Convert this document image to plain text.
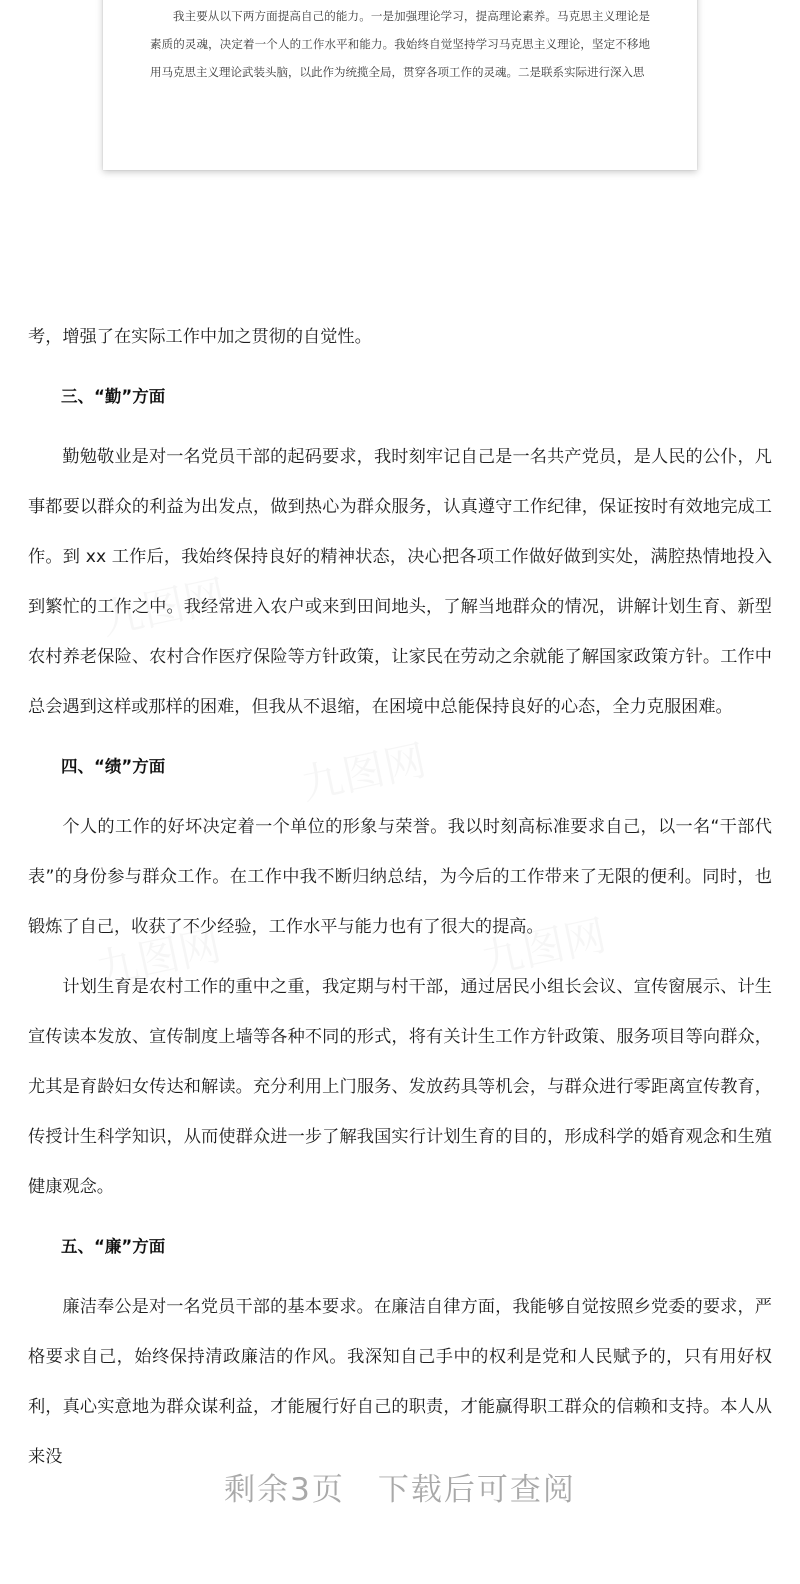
我主要从以下两方面提高自己的能力。一是加强理论学习，提高理论素养。马克思主义理论是素质的灵魂，决定着一个人的工作水平和能力。我始终自觉坚持学习马克思主义理论，坚定不移地用马克思主义理论武装头脑，以此作为统揽全局，贯穿各项工作的灵魂。二是联系实际进行深入思

考，增强了在实际工作中加之贯彻的自觉性。

三、“勤”方面

勤勉敬业是对一名党员干部的起码要求，我时刻牢记自己是一名共产党员，是人民的公仆，凡事都要以群众的利益为出发点，做到热心为群众服务，认真遵守工作纪律，保证按时有效地完成工作。到 xx 工作后，我始终保持良好的精神状态，决心把各项工作做好做到实处，满腔热情地投入到繁忙的工作之中。我经常进入农户或来到田间地头，了解当地群众的情况，讲解计划生育、新型农村养老保险、农村合作医疗保险等方针政策，让家民在劳动之余就能了解国家政策方针。工作中总会遇到这样或那样的困难，但我从不退缩，在困境中总能保持良好的心态，全力克服困难。

四、“绩”方面

个人的工作的好坏决定着一个单位的形象与荣誉。我以时刻高标准要求自己，以一名“干部代表”的身份参与群众工作。在工作中我不断归纳总结，为今后的工作带来了无限的便利。同时，也锻炼了自己，收获了不少经验，工作水平与能力也有了很大的提高。

计划生育是农村工作的重中之重，我定期与村干部，通过居民小组长会议、宣传窗展示、计生宣传读本发放、宣传制度上墙等各种不同的形式，将有关计生工作方针政策、服务项目等向群众，尤其是育龄妇女传达和解读。充分利用上门服务、发放药具等机会，与群众进行零距离宣传教育，传授计生科学知识，从而使群众进一步了解我国实行计划生育的目的，形成科学的婚育观念和生殖健康观念。

五、“廉”方面

廉洁奉公是对一名党员干部的基本要求。在廉洁自律方面，我能够自觉按照乡党委的要求，严格要求自己，始终保持清政廉洁的作风。我深知自己手中的权利是党和人民赋予的，只有用好权利，真心实意地为群众谋利益，才能履行好自己的职责，才能赢得职工群众的信赖和支持。本人从来没

剩余3页　下载后可查阅
九图网
九图网
九图网	九图网
